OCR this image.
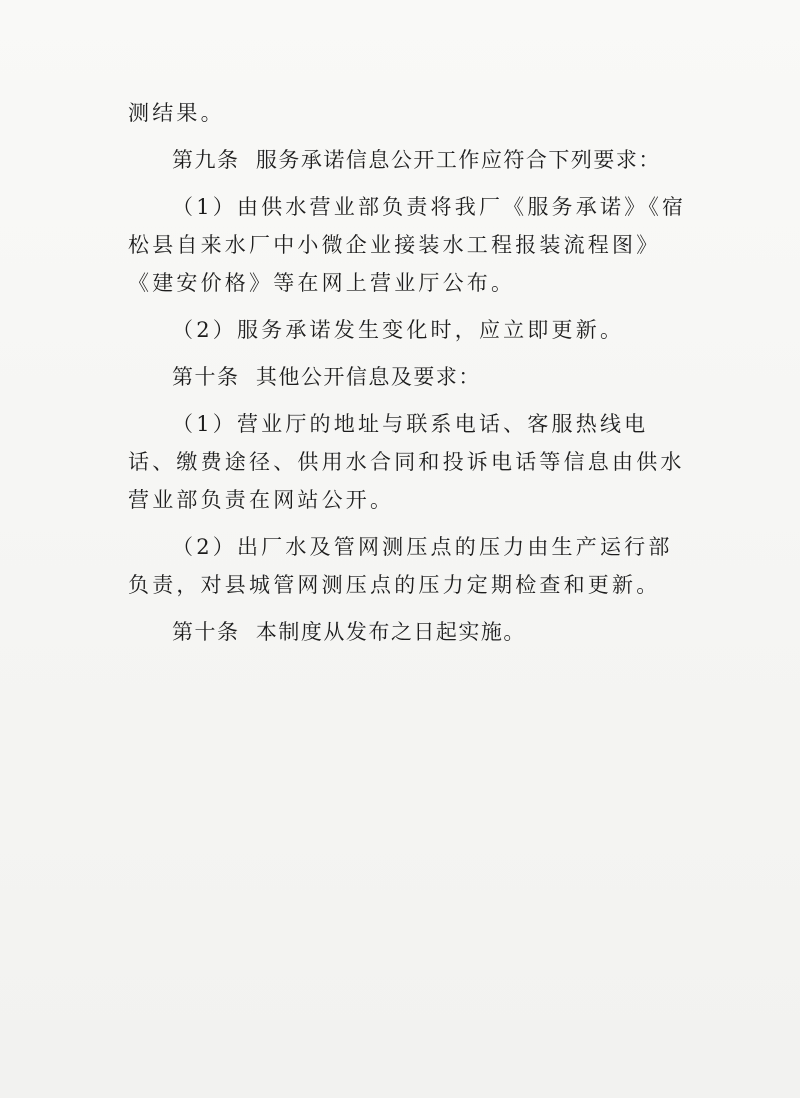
测结果。

第九条  服务承诺信息公开工作应符合下列要求：

（1）由供水营业部负责将我厂《服务承诺》《宿松县自来水厂中小微企业接装水工程报装流程图》《建安价格》等在网上营业厅公布。

（2）服务承诺发生变化时，应立即更新。

第十条  其他公开信息及要求：

（1）营业厅的地址与联系电话、客服热线电话、缴费途径、供用水合同和投诉电话等信息由供水营业部负责在网站公开。

（2）出厂水及管网测压点的压力由生产运行部负责，对县城管网测压点的压力定期检查和更新。

第十条  本制度从发布之日起实施。
